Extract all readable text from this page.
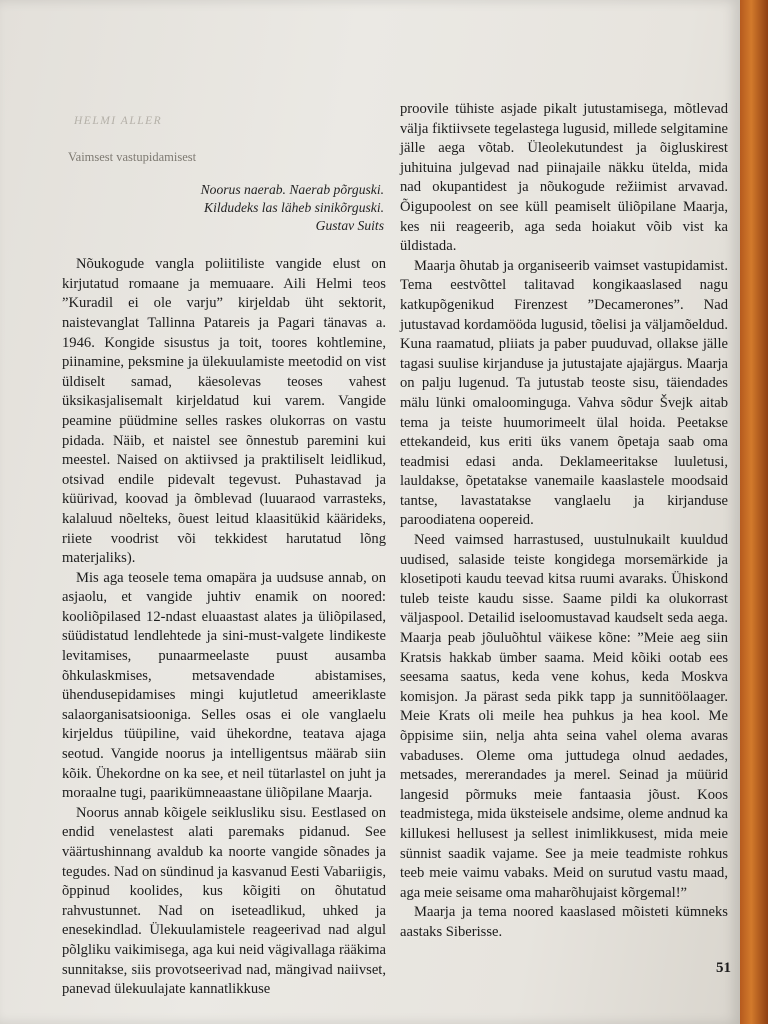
HELMI ALLER
Vaimsest vastupidamisest
Noorus naerab. Naerab põrguski.
Kildudeks las läheb sinikõrguski.
Gustav Suits

Nõukogude vangla poliitiliste vangide elust on kirjutatud romaane ja memuaare. Aili Helmi teos ”Kuradil ei ole varju” kirjeldab üht sektorit, naistevanglat Tallinna Patareis ja Pagari tänavas a. 1946. Kongide sisustus ja toit, toores kohtlemine, piinamine, peksmine ja ülekuulamiste meetodid on vist üldiselt samad, käesolevas teoses vahest üksikasjalisemalt kirjeldatud kui varem. Vangide peamine püüdmine selles raskes olukorras on vastu pidada. Näib, et naistel see õnnestub paremini kui meestel. Naised on aktiivsed ja praktiliselt leidlikud, otsivad endile pidevalt tegevust. Puhastavad ja küürivad, koovad ja õmblevad (luuaraod varrasteks, kalaluud nõelteks, õuest leitud klaasitükid käärideks, riiete voodrist või tekkidest harutatud lõng materjaliks).

Mis aga teosele tema omapära ja uudsuse annab, on asjaolu, et vangide juhtiv enamik on noored: kooliõpilased 12-ndast eluaastast alates ja üliõpilased, süüdistatud lendlehtede ja sini-must-valgete lindikeste levitamises, punaarmeelaste puust ausamba õhkulaskmises, metsavendade abistamises, ühendusepidamises mingi kujutletud ameeriklaste salaorganisatsiooniga. Selles osas ei ole vanglaelu kirjeldus tüüpiline, vaid ühekordne, teatava ajaga seotud. Vangide noorus ja intelligentsus määrab siin kõik. Ühekordne on ka see, et neil tütarlastel on juht ja moraalne tugi, paarikümneaastane üliõpilane Maarja.

Noorus annab kõigele seiklusliku sisu. Eestlased on endid venelastest alati paremaks pidanud. See väärtushinnang avaldub ka noorte vangide sõnades ja tegudes. Nad on sündinud ja kasvanud Eesti Vabariigis, õppinud koolides, kus kõigiti on õhutatud rahvustunnet. Nad on iseteadlikud, uhked ja enesekindlad. Ülekuulamistele reageerivad nad algul põlgliku vaikimisega, aga kui neid vägivallaga rääkima sunnitakse, siis provotseerivad nad, mängivad naiivset, panevad ülekuulajate kannatlikkuse

proovile tühiste asjade pikalt jutustamisega, mõtlevad välja fiktiivsete tegelastega lugusid, millede selgitamine jälle aega võtab. Üleolekutundest ja õigluskirest juhituina julgevad nad piinajaile näkku ütelda, mida nad okupantidest ja nõukogude režiimist arvavad. Õigupoolest on see küll peamiselt üliõpilane Maarja, kes nii reageerib, aga seda hoiakut võib vist ka üldistada.

Maarja õhutab ja organiseerib vaimset vastupidamist. Tema eestvõttel talitavad kongikaaslased nagu katkupõgenikud Firenzest ”Decamerones”. Nad jutustavad kordamööda lugusid, tõelisi ja väljamõeldud. Kuna raamatud, pliiats ja paber puuduvad, ollakse jälle tagasi suulise kirjanduse ja jutustajate ajajärgus. Maarja on palju lugenud. Ta jutustab teoste sisu, täiendades mälu lünki omaloominguga. Vahva sõdur Švejk aitab tema ja teiste huumorimeelt ülal hoida. Peetakse ettekandeid, kus eriti üks vanem õpetaja saab oma teadmisi edasi anda. Deklameeritakse luuletusi, lauldakse, õpetatakse vanemaile kaaslastele moodsaid tantse, lavastatakse vanglaelu ja kirjanduse paroodiatena oopereid.

Need vaimsed harrastused, uustulnukailt kuuldud uudised, salaside teiste kongidega morsemärkide ja klosetipoti kaudu teevad kitsa ruumi avaraks. Ühiskond tuleb teiste kaudu sisse. Saame pildi ka olukorrast väljaspool. Detailid iseloomustavad kaudselt seda aega. Maarja peab jõuluõhtul väikese kõne: ”Meie aeg siin Kratsis hakkab ümber saama. Meid kõiki ootab ees seesama saatus, keda vene kohus, keda Moskva komisjon. Ja pärast seda pikk tapp ja sunnitöölaager. Meie Krats oli meile hea puhkus ja hea kool. Me õppisime siin, nelja ahta seina vahel olema avaras vabaduses. Oleme oma juttudega olnud aedades, metsades, mererandades ja merel. Seinad ja müürid langesid põrmuks meie fantaasia jõust. Koos teadmistega, mida üksteisele andsime, oleme andnud ka killukesi hellusest ja sellest inimlikkusest, mida meie sünnist saadik vajame. See ja meie teadmiste rohkus teeb meie vaimu vabaks. Meid on surutud vastu maad, aga meie seisame oma maharõhujaist kõrgemal!”

Maarja ja tema noored kaaslased mõisteti kümneks aastaks Siberisse.

51
